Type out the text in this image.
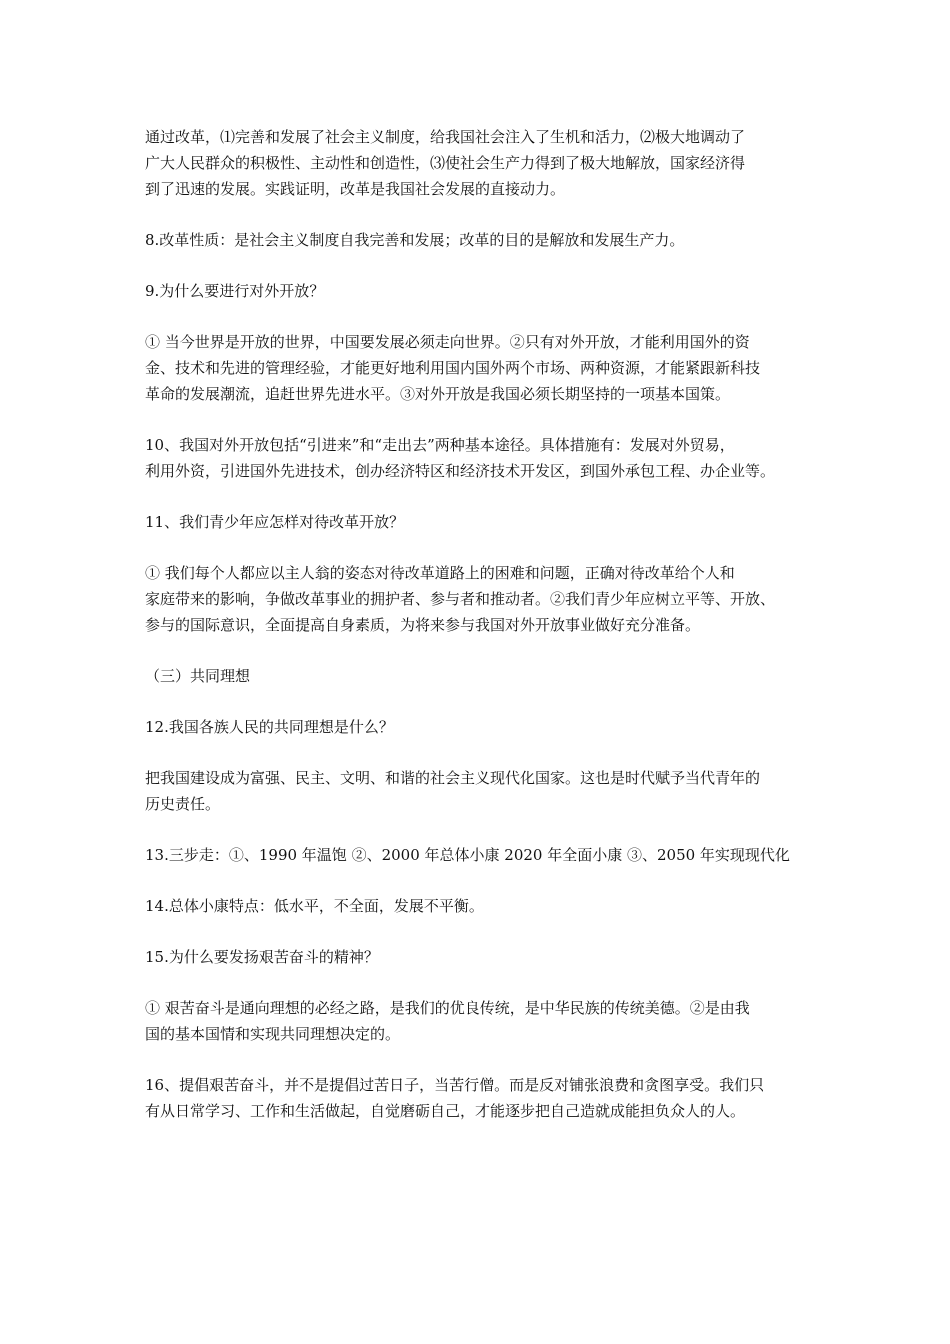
通过改革，⑴完善和发展了社会主义制度，给我国社会注入了生机和活力，⑵极大地调动了
广大人民群众的积极性、主动性和创造性，⑶使社会生产力得到了极大地解放，国家经济得
到了迅速的发展。实践证明，改革是我国社会发展的直接动力。

8.改革性质：是社会主义制度自我完善和发展；改革的目的是解放和发展生产力。

9.为什么要进行对外开放？

① 当今世界是开放的世界，中国要发展必须走向世界。②只有对外开放，才能利用国外的资
金、技术和先进的管理经验，才能更好地利用国内国外两个市场、两种资源，才能紧跟新科技
革命的发展潮流，追赶世界先进水平。③对外开放是我国必须长期坚持的一项基本国策。

10、我国对外开放包括“引进来”和“走出去”两种基本途径。具体措施有：发展对外贸易，
利用外资，引进国外先进技术，创办经济特区和经济技术开发区，到国外承包工程、办企业等。

11、我们青少年应怎样对待改革开放？

① 我们每个人都应以主人翁的姿态对待改革道路上的困难和问题，正确对待改革给个人和
家庭带来的影响，争做改革事业的拥护者、参与者和推动者。②我们青少年应树立平等、开放、
参与的国际意识，全面提高自身素质，为将来参与我国对外开放事业做好充分准备。

（三）共同理想

12.我国各族人民的共同理想是什么？

把我国建设成为富强、民主、文明、和谐的社会主义现代化国家。这也是时代赋予当代青年的
历史责任。

13.三步走：①、1990 年温饱 ②、2000 年总体小康 2020 年全面小康 ③、2050 年实现现代化

14.总体小康特点：低水平，不全面，发展不平衡。

15.为什么要发扬艰苦奋斗的精神？

① 艰苦奋斗是通向理想的必经之路，是我们的优良传统，是中华民族的传统美德。②是由我
国的基本国情和实现共同理想决定的。

16、提倡艰苦奋斗，并不是提倡过苦日子，当苦行僧。而是反对铺张浪费和贪图享受。我们只
有从日常学习、工作和生活做起，自觉磨砺自己，才能逐步把自己造就成能担负众人的人。
